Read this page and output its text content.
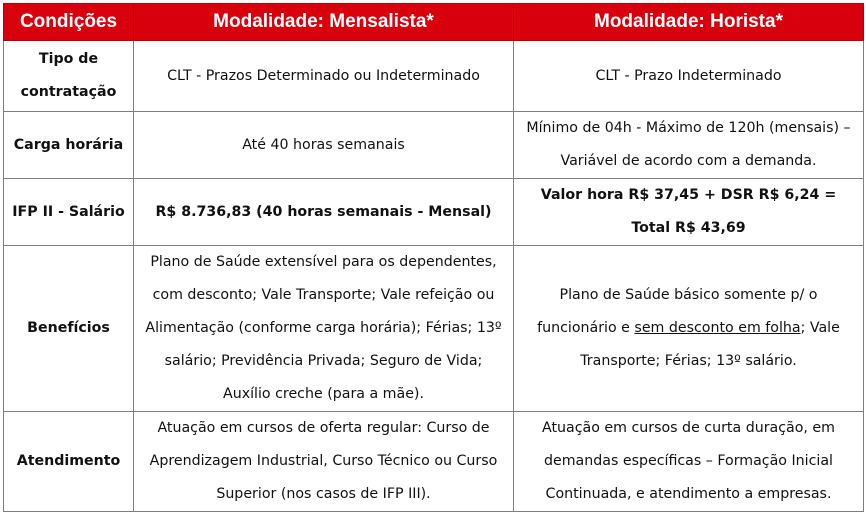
Condições	Modalidade: Mensalista*	Modalidade: Horista*
Tipo de contratação	CLT - Prazos Determinado ou Indeterminado	CLT - Prazo Indeterminado
Carga horária	Até 40 horas semanais	Mínimo de 04h - Máximo de 120h (mensais) – Variável de acordo com a demanda.
IFP II - Salário	R$ 8.736,83 (40 horas semanais - Mensal)	Valor hora R$ 37,45 + DSR R$ 6,24 = Total R$ 43,69
Benefícios	Plano de Saúde extensível para os dependentes, com desconto; Vale Transporte; Vale refeição ou Alimentação (conforme carga horária); Férias; 13º salário; Previdência Privada; Seguro de Vida; Auxílio creche (para a mãe).	Plano de Saúde básico somente p/ o funcionário e sem desconto em folha; Vale Transporte; Férias; 13º salário.
Atendimento	Atuação em cursos de oferta regular: Curso de Aprendizagem Industrial, Curso Técnico ou Curso Superior (nos casos de IFP III).	Atuação em cursos de curta duração, em demandas específicas – Formação Inicial Continuada, e atendimento a empresas.
